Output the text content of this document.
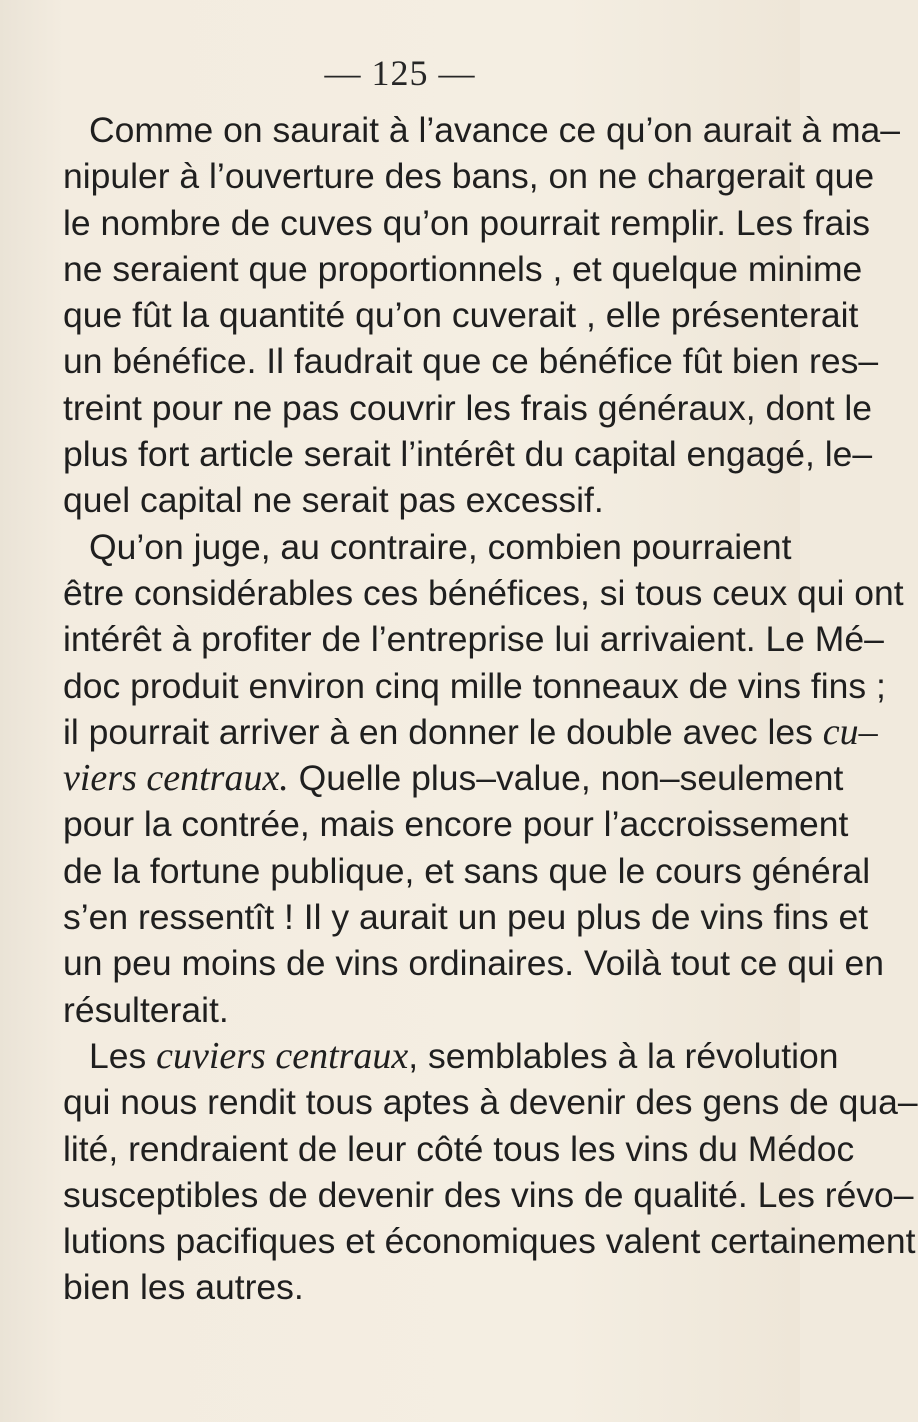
— 125 —
Comme on saurait à l’avance ce qu’on aurait à ma–
nipuler à l’ouverture des bans, on ne chargerait que
le nombre de cuves qu’on pourrait remplir. Les frais
ne seraient que proportionnels , et quelque minime
que fût la quantité qu’on cuverait , elle présenterait
un bénéfice. Il faudrait que ce bénéfice fût bien res–
treint pour ne pas couvrir les frais généraux, dont le
plus fort article serait l’intérêt du capital engagé, le–
quel capital ne serait pas excessif.
Qu’on juge, au contraire, combien pourraient
être considérables ces bénéfices, si tous ceux qui ont
intérêt à profiter de l’entreprise lui arrivaient. Le Mé–
doc produit environ cinq mille tonneaux de vins fins ;
il pourrait arriver à en donner le double avec les cu–
viers centraux. Quelle plus–value, non–seulement
pour la contrée, mais encore pour l’accroissement
de la fortune publique, et sans que le cours général
s’en ressentît ! Il y aurait un peu plus de vins fins et
un peu moins de vins ordinaires. Voilà tout ce qui en
résulterait.
Les cuviers centraux, semblables à la révolution
qui nous rendit tous aptes à devenir des gens de qua–
lité, rendraient de leur côté tous les vins du Médoc
susceptibles de devenir des vins de qualité. Les révo–
lutions pacifiques et économiques valent certainement
bien les autres.
